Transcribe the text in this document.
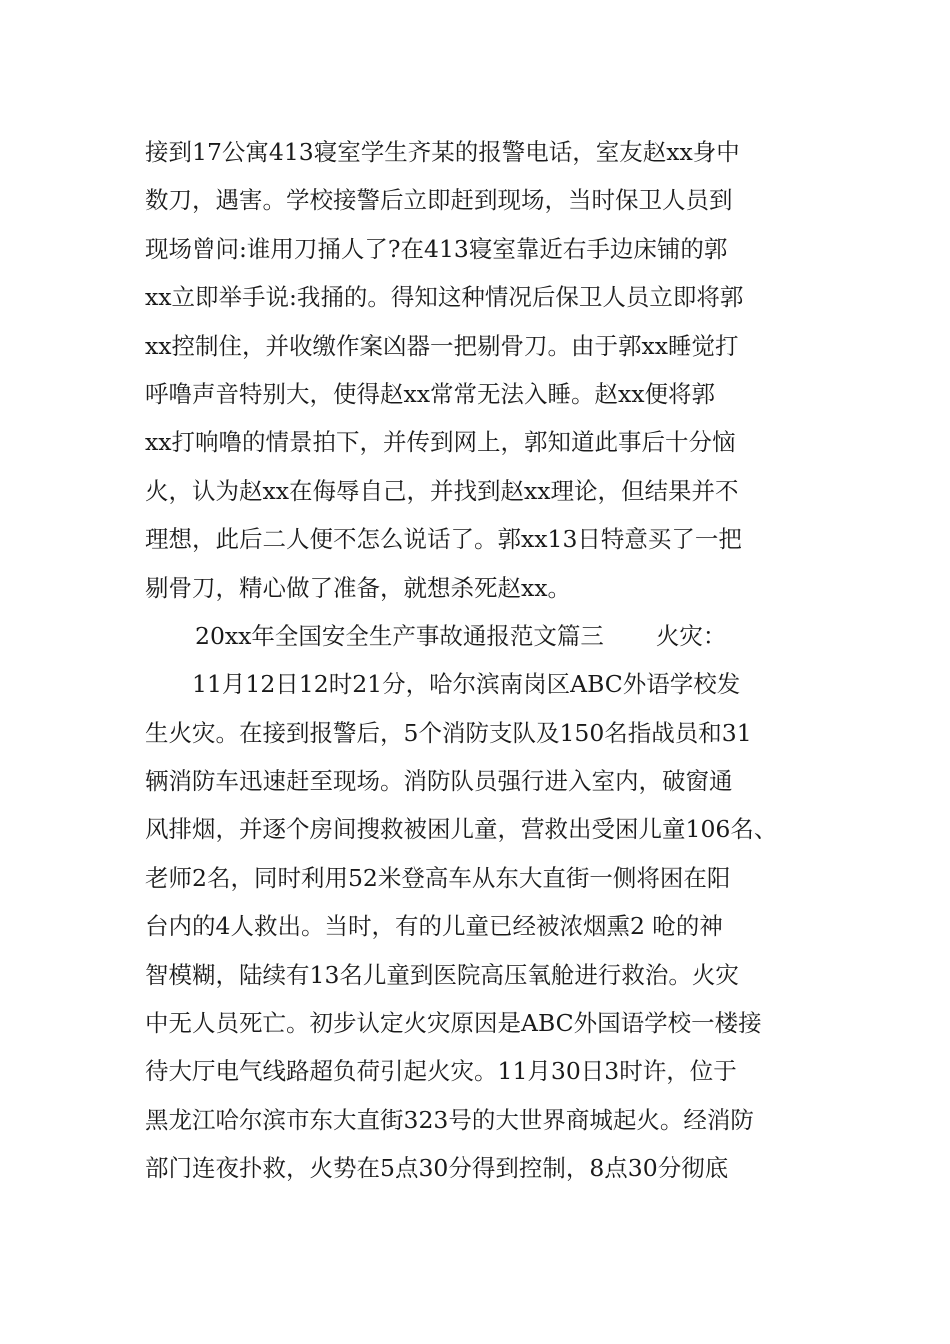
接到17公寓413寝室学生齐某的报警电话，室友赵xx身中
数刀，遇害。学校接警后立即赶到现场，当时保卫人员到
现场曾问:谁用刀捅人了?在413寝室靠近右手边床铺的郭
xx立即举手说:我捅的。得知这种情况后保卫人员立即将郭
xx控制住，并收缴作案凶器一把剔骨刀。由于郭xx睡觉打
呼噜声音特别大，使得赵xx常常无法入睡。赵xx便将郭
xx打响噜的情景拍下，并传到网上，郭知道此事后十分恼
火，认为赵xx在侮辱自己，并找到赵xx理论，但结果并不
理想，此后二人便不怎么说话了。郭xx13日特意买了一把
剔骨刀，精心做了准备，就想杀死赵xx。
20xx年全国安全生产事故通报范文篇三 火灾：
11月12日12时21分，哈尔滨南岗区ABC外语学校发
生火灾。在接到报警后，5个消防支队及150名指战员和31
辆消防车迅速赶至现场。消防队员强行进入室内，破窗通
风排烟，并逐个房间搜救被困儿童，营救出受困儿童106名、
老师2名，同时利用52米登高车从东大直街一侧将困在阳
台内的4人救出。当时，有的儿童已经被浓烟熏2 呛的神
智模糊，陆续有13名儿童到医院高压氧舱进行救治。火灾
中无人员死亡。初步认定火灾原因是ABC外国语学校一楼接
待大厅电气线路超负荷引起火灾。11月30日3时许，位于
黑龙江哈尔滨市东大直街323号的大世界商城起火。经消防
部门连夜扑救，火势在5点30分得到控制，8点30分彻底
